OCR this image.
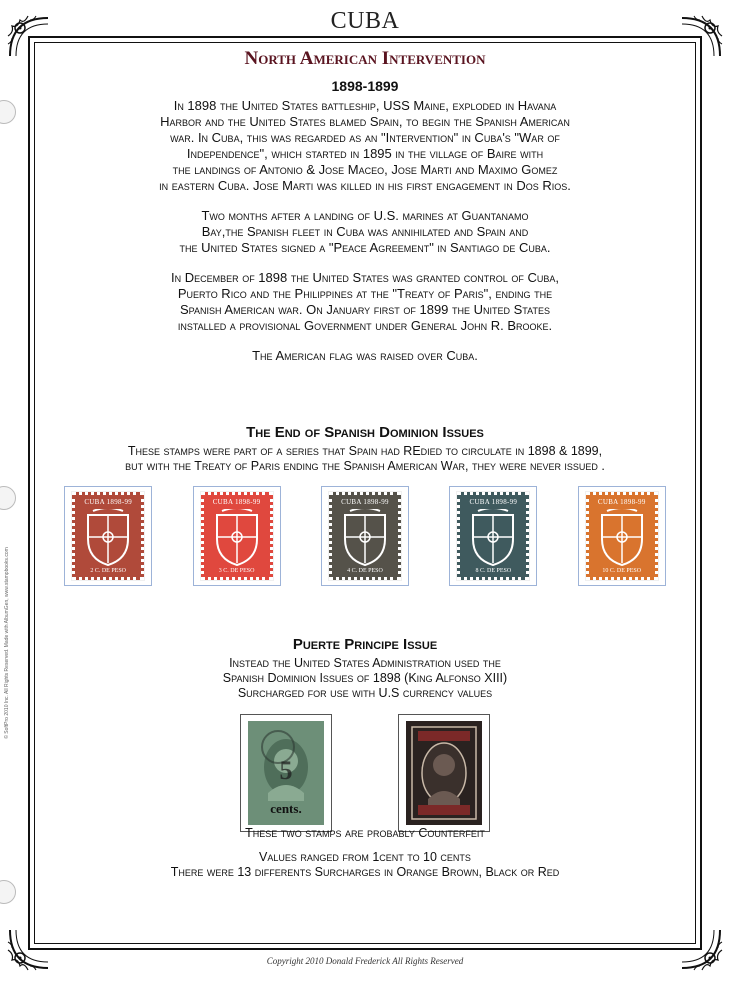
CUBA
© SoftPro 2010 Inc. All Rights Reserved. Made with AlbumGen, www.stampbooks.com
North American Intervention
1898-1899

In 1898 the United States battleship, USS Maine, exploded in Havana
Harbor and the United States blamed Spain, to begin the Spanish American
war. In Cuba, this was regarded as an "Intervention" in Cuba's "War of
Independence", which started in 1895 in the village of Baire with
the landings of Antonio & Jose Maceo, Jose Marti and Maximo Gomez
in eastern Cuba. Jose Marti was killed in his first engagement in Dos Rios.

Two months after a landing of U.S. marines at Guantanamo
Bay,the Spanish fleet in Cuba was annihilated and Spain and
the United States signed a "Peace Agreement" in Santiago de Cuba.

In December of 1898 the United States was granted control of Cuba,
Puerto Rico and the Philippines at the "Treaty of Paris", ending the
Spanish American war. On January first of 1899 the United States
installed a provisional Government under General John R. Brooke.

The American flag was raised over Cuba.

The End of Spanish Dominion Issues
These stamps were part of a series that Spain had REdied to circulate in 1898 & 1899,
but with the Treaty of Paris ending the Spanish American War, they were never issued .
CUBA 1898-99
2 C. DE PESO
CUBA 1898-99
3 C. DE PESO
CUBA 1898-99
4 C. DE PESO
CUBA 1898-99
8 C. DE PESO
CUBA 1898-99
10 C. DE PESO
Puerte Principe Issue
Instead the United States Administration used the
Spanish Dominion Issues of 1898 (King Alfonso XIII)
Surcharged for use with U.S currency values
5
cents.
These two stamps are probably Counterfeit
Values ranged from 1cent to 10 cents
There were 13 differents Surcharges in Orange Brown, Black or Red
Copyright 2010 Donald Frederick All Rights Reserved
